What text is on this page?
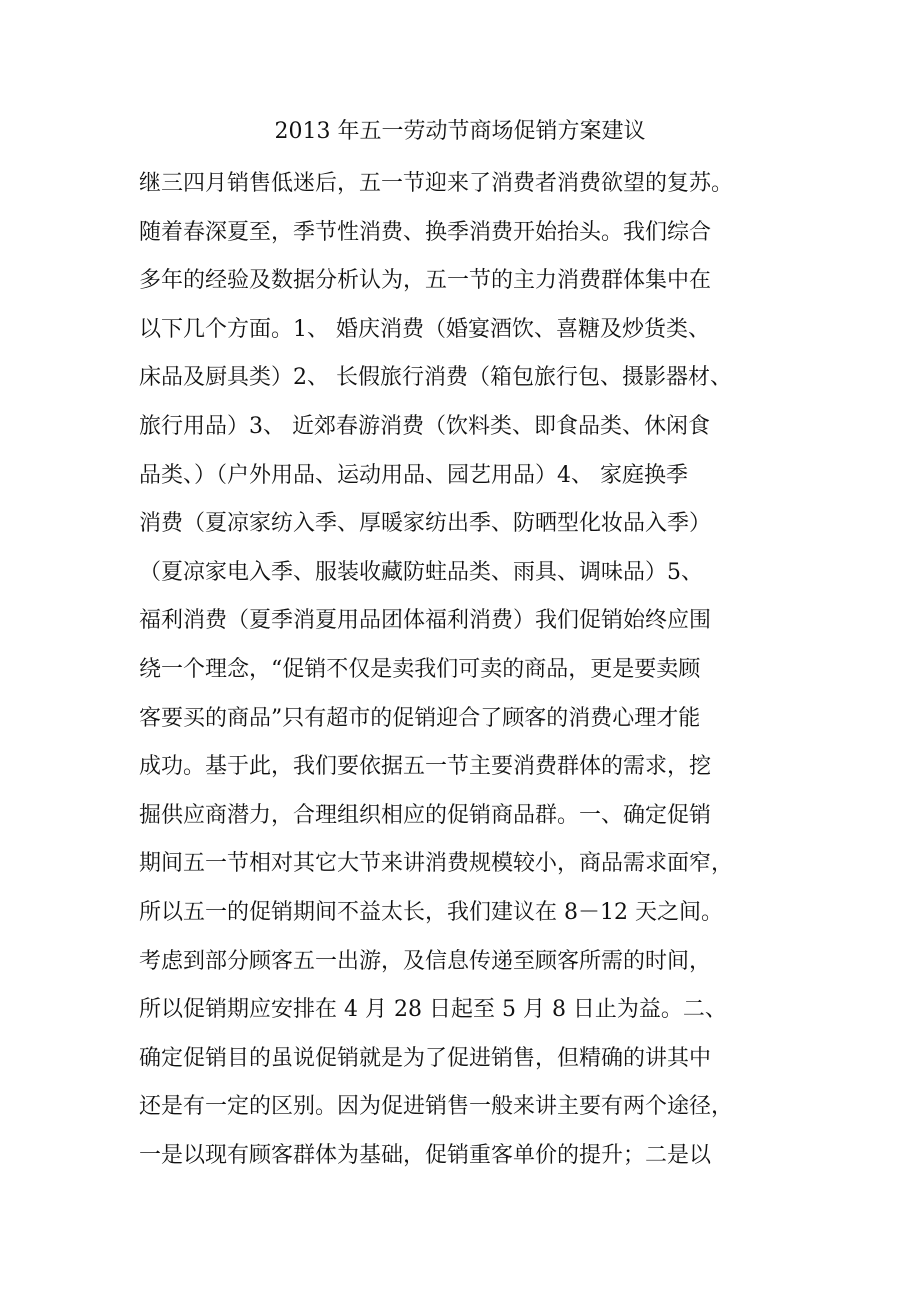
2013 年五一劳动节商场促销方案建议
继三四月销售低迷后，五一节迎来了消费者消费欲望的复苏。
随着春深夏至，季节性消费、换季消费开始抬头。我们综合
多年的经验及数据分析认为，五一节的主力消费群体集中在
以下几个方面。1、 婚庆消费（婚宴酒饮、喜糖及炒货类、
床品及厨具类）2、 长假旅行消费（箱包旅行包、摄影器材、
旅行用品）3、 近郊春游消费（饮料类、即食品类、休闲食
品类、）（户外用品、运动用品、园艺用品）4、 家庭换季
消费（夏凉家纺入季、厚暖家纺出季、防晒型化妆品入季）
（夏凉家电入季、服装收藏防蛀品类、雨具、调味品）5、
福利消费（夏季消夏用品团体福利消费）我们促销始终应围
绕一个理念，“促销不仅是卖我们可卖的商品，更是要卖顾
客要买的商品”只有超市的促销迎合了顾客的消费心理才能
成功。基于此，我们要依据五一节主要消费群体的需求，挖
掘供应商潜力，合理组织相应的促销商品群。一、确定促销
期间五一节相对其它大节来讲消费规模较小，商品需求面窄，
所以五一的促销期间不益太长，我们建议在 8－12 天之间。
考虑到部分顾客五一出游，及信息传递至顾客所需的时间，
所以促销期应安排在 4 月 28 日起至 5 月 8 日止为益。二、
确定促销目的虽说促销就是为了促进销售，但精确的讲其中
还是有一定的区别。因为促进销售一般来讲主要有两个途径，
一是以现有顾客群体为基础，促销重客单价的提升；二是以
